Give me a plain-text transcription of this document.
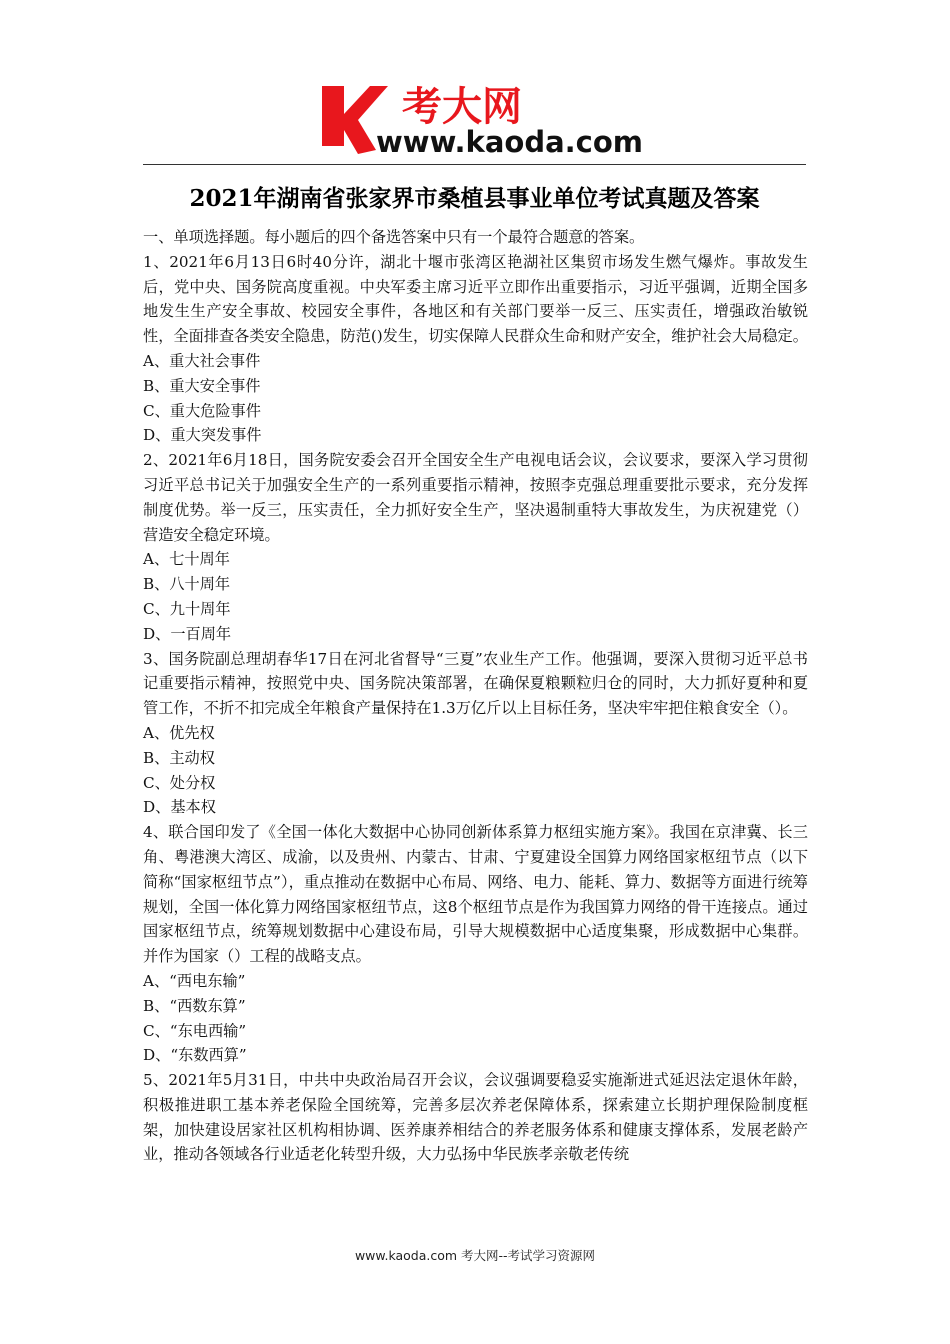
考大网
www.kaoda.com
2021年湖南省张家界市桑植县事业单位考试真题及答案

一、单项选择题。每小题后的四个备选答案中只有一个最符合题意的答案。

1、2021年6月13日6时40分许，湖北十堰市张湾区艳湖社区集贸市场发生燃气爆炸。事故发生后，党中央、国务院高度重视。中央军委主席习近平立即作出重要指示，习近平强调，近期全国多地发生生产安全事故、校园安全事件，各地区和有关部门要举一反三、压实责任，增强政治敏锐性，全面排查各类安全隐患，防范()发生，切实保障人民群众生命和财产安全，维护社会大局稳定。

A、重大社会事件

B、重大安全事件

C、重大危险事件

D、重大突发事件

2、2021年6月18日，国务院安委会召开全国安全生产电视电话会议，会议要求，要深入学习贯彻习近平总书记关于加强安全生产的一系列重要指示精神，按照李克强总理重要批示要求，充分发挥制度优势。举一反三，压实责任，全力抓好安全生产，坚决遏制重特大事故发生，为庆祝建党（）营造安全稳定环境。

A、七十周年

B、八十周年

C、九十周年

D、一百周年

3、国务院副总理胡春华17日在河北省督导“三夏”农业生产工作。他强调，要深入贯彻习近平总书记重要指示精神，按照党中央、国务院决策部署，在确保夏粮颗粒归仓的同时，大力抓好夏种和夏管工作，不折不扣完成全年粮食产量保持在1.3万亿斤以上目标任务，坚决牢牢把住粮食安全（）。

A、优先权

B、主动权

C、处分权

D、基本权

4、联合国印发了《全国一体化大数据中心协同创新体系算力枢纽实施方案》。我国在京津冀、长三角、粤港澳大湾区、成渝，以及贵州、内蒙古、甘肃、宁夏建设全国算力网络国家枢纽节点（以下简称“国家枢纽节点”），重点推动在数据中心布局、网络、电力、能耗、算力、数据等方面进行统筹规划，全国一体化算力网络国家枢纽节点，这8个枢纽节点是作为我国算力网络的骨干连接点。通过国家枢纽节点，统筹规划数据中心建设布局，引导大规模数据中心适度集聚，形成数据中心集群。并作为国家（）工程的战略支点。

A、“西电东输”

B、“西数东算”

C、“东电西输”

D、“东数西算”

5、2021年5月31日，中共中央政治局召开会议，会议强调要稳妥实施渐进式延迟法定退休年龄，积极推进职工基本养老保险全国统筹，完善多层次养老保障体系，探索建立长期护理保险制度框架，加快建设居家社区机构相协调、医养康养相结合的养老服务体系和健康支撑体系，发展老龄产业，推动各领域各行业适老化转型升级，大力弘扬中华民族孝亲敬老传统

www.kaoda.com 考大网--考试学习资源网
